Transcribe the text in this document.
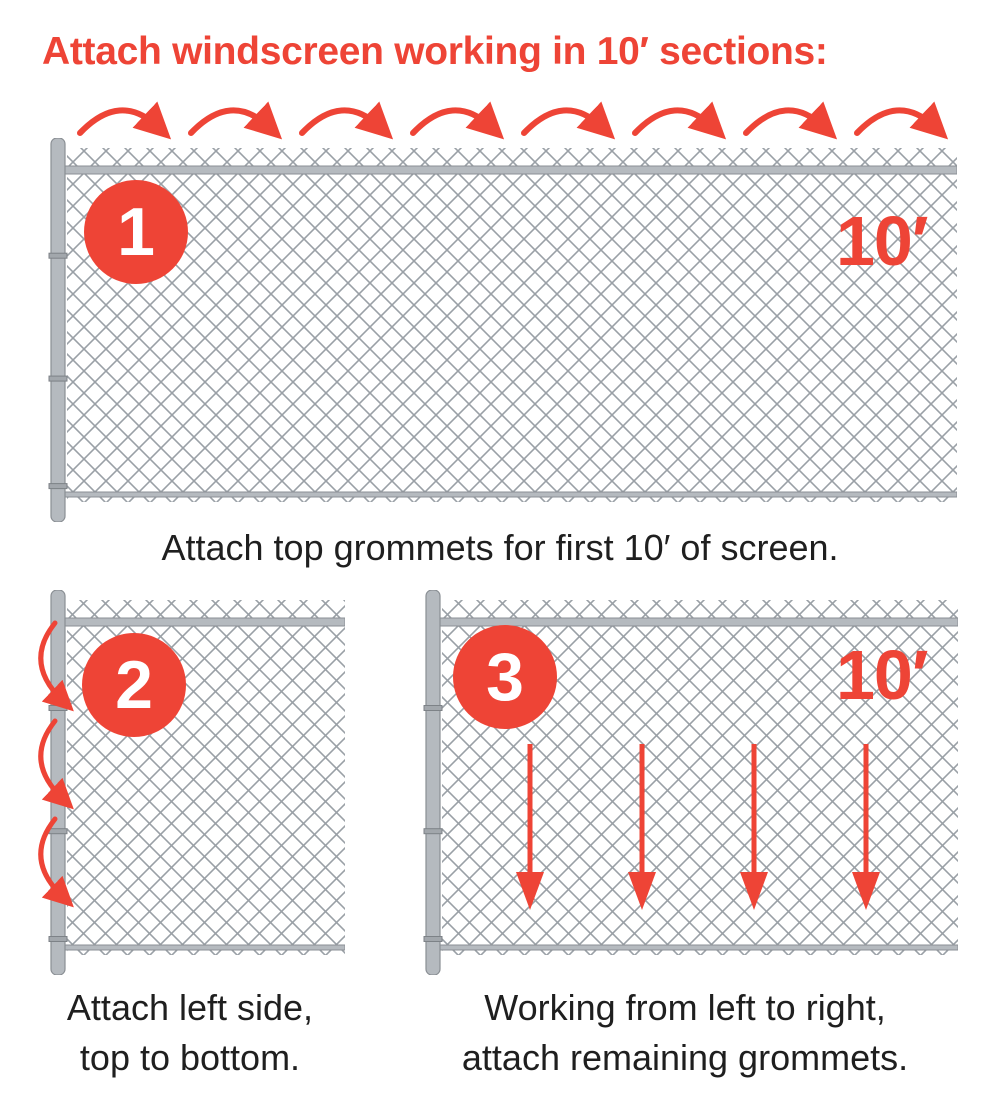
Attach windscreen working in 10′ sections:
1	10′

Attach top grommets for first 10′ of screen.

2

Attach left side,
top to bottom.

3	10′

Working from left to right,
attach remaining grommets.
